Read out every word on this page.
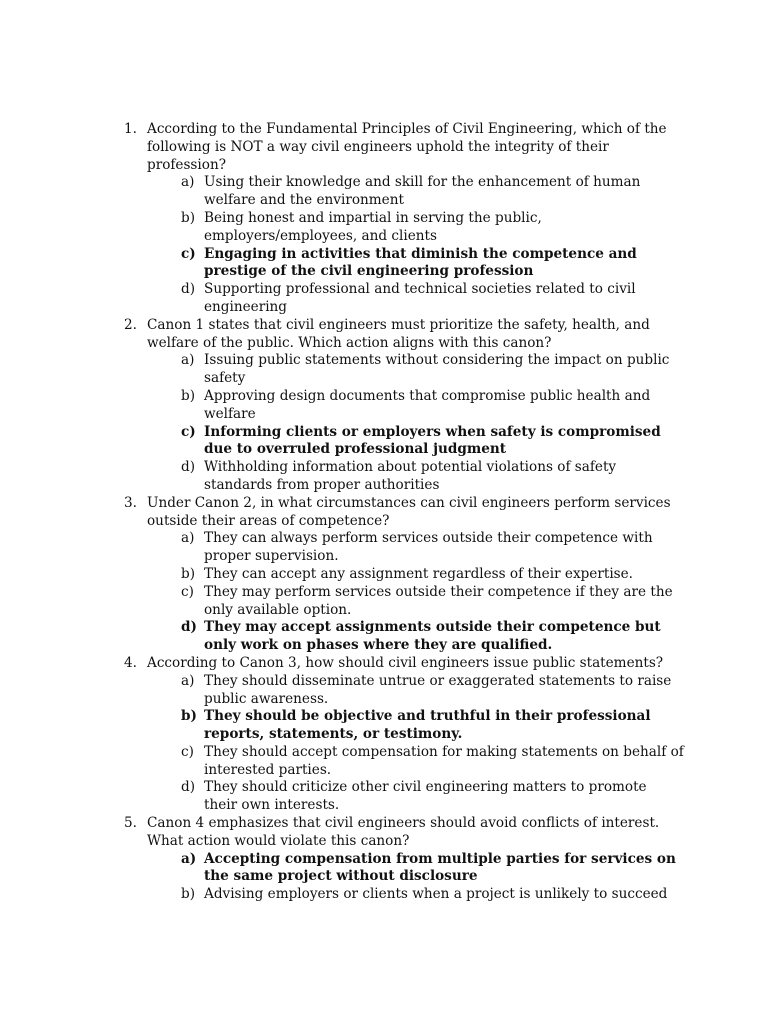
1. According to the Fundamental Principles of Civil Engineering, which of the following is NOT a way civil engineers uphold the integrity of their profession?
a) Using their knowledge and skill for the enhancement of human welfare and the environment
b) Being honest and impartial in serving the public, employers/employees, and clients
c) Engaging in activities that diminish the competence and prestige of the civil engineering profession
d) Supporting professional and technical societies related to civil engineering
2. Canon 1 states that civil engineers must prioritize the safety, health, and welfare of the public. Which action aligns with this canon?
a) Issuing public statements without considering the impact on public safety
b) Approving design documents that compromise public health and welfare
c) Informing clients or employers when safety is compromised due to overruled professional judgment
d) Withholding information about potential violations of safety standards from proper authorities
3. Under Canon 2, in what circumstances can civil engineers perform services outside their areas of competence?
a) They can always perform services outside their competence with proper supervision.
b) They can accept any assignment regardless of their expertise.
c) They may perform services outside their competence if they are the only available option.
d) They may accept assignments outside their competence but only work on phases where they are qualified.
4. According to Canon 3, how should civil engineers issue public statements?
a) They should disseminate untrue or exaggerated statements to raise public awareness.
b) They should be objective and truthful in their professional reports, statements, or testimony.
c) They should accept compensation for making statements on behalf of interested parties.
d) They should criticize other civil engineering matters to promote their own interests.
5. Canon 4 emphasizes that civil engineers should avoid conflicts of interest. What action would violate this canon?
a) Accepting compensation from multiple parties for services on the same project without disclosure
b) Advising employers or clients when a project is unlikely to succeed
